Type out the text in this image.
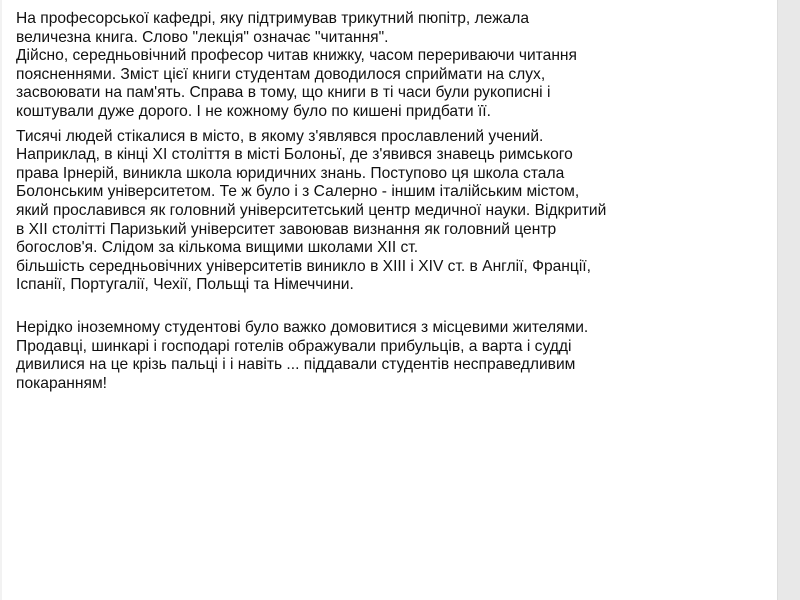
На професорської кафедрі, яку підтримував трикутний пюпітр, лежала
величезна книга. Слово "лекція" означає "читання".
Дійсно, середньовічний професор читав книжку, часом перериваючи читання
поясненнями. Зміст цієї книги студентам доводилося сприймати на слух,
засвоювати на пам'ять. Справа в тому, що книги в ті часи були рукописні і
коштували дуже дорого. І не кожному було по кишені придбати її.

Тисячі людей стікалися в місто, в якому з'являвся прославлений учений.
Наприклад, в кінці XI століття в місті Болоньї, де з'явився знавець римського
права Ірнерій, виникла школа юридичних знань. Поступово ця школа стала
Болонським університетом. Те ж було і з Салерно - іншим італійським містом,
який прославився як головний університетський центр медичної науки. Відкритий
в XII столітті Паризький університет завоював визнання як головний центр
богослов'я. Слідом за кількома вищими школами XII ст.
більшість середньовічних університетів виникло в XIII і XIV ст. в Англії, Франції,
Іспанії, Португалії, Чехії, Польщі та Німеччини.

Нерідко іноземному студентові було важко домовитися з місцевими жителями.
Продавці, шинкарі і господарі готелів ображували прибульців, а варта і судді
дивилися на це крізь пальці і і навіть ... піддавали студентів несправедливим
покаранням!
